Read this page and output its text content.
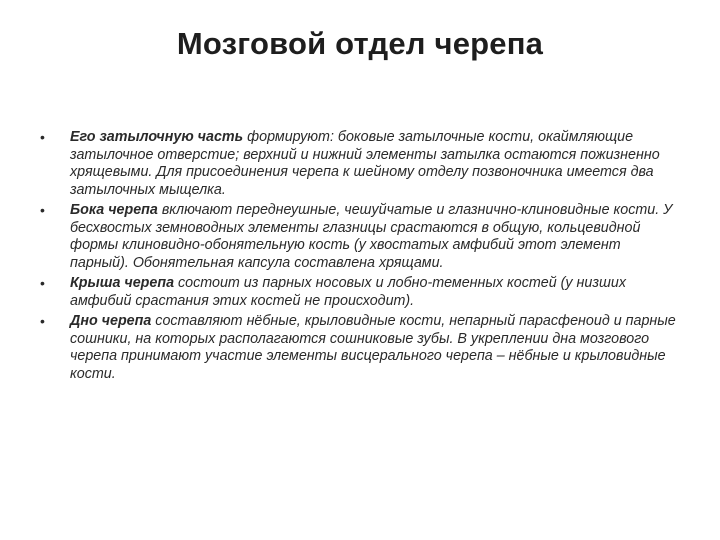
Мозговой отдел черепа
• Его затылочную часть формируют: боковые затылочные кости, окаймляющие затылочное отверстие; верхний и нижний элементы затылка остаются пожизненно хрящевыми. Для присоединения черепа к шейному отделу позвоночника имеется два затылочных мыщелка.
• Бока черепа включают переднеушные, чешуйчатые и глазнично-клиновидные кости. У бесхвостых земноводных элементы глазницы срастаются в общую, кольцевидной формы клиновидно-обонятельную кость (у хвостатых амфибий этот элемент парный). Обонятельная капсула составлена хрящами.
• Крыша черепа состоит из парных носовых и лобно-теменных костей (у низших амфибий срастания этих костей не происходит).
• Дно черепа составляют нёбные, крыловидные кости, непарный парасфеноид и парные сошники, на которых располагаются сошниковые зубы. В укреплении дна мозгового черепа принимают участие элементы висцерального черепа – нёбные и крыловидные кости.
